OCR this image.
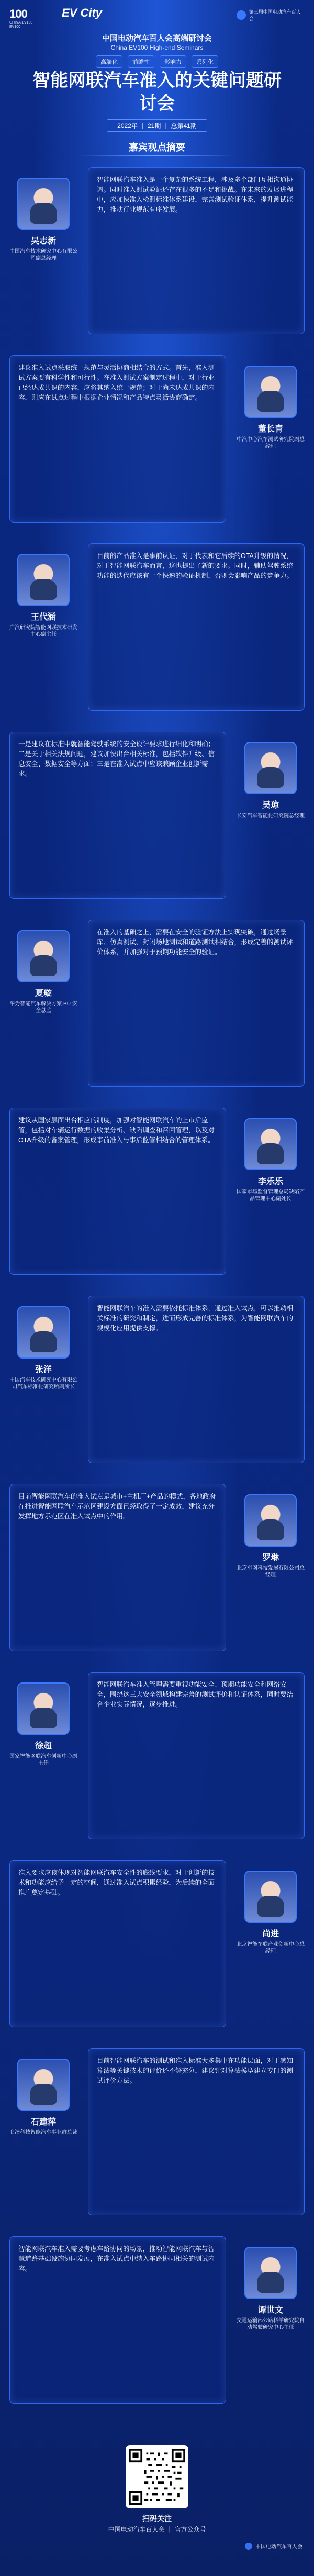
100
CHINA EV100 EV100
EV City	第三届中国电动汽车百人会
中国电动汽车百人会高端研讨会
China EV100 High-end Seminars
高端化	前瞻性	影响力	系列化
智能网联汽车准入的关键问题研讨会
2022年 | 21期 | 总第41期
嘉宾观点摘要
吴志新
中国汽车技术研究中心有限公司副总经理
智能网联汽车准入是一个复杂的系统工程，涉及多个部门互相沟通协调。同时准入测试验证还存在很多的不足和挑战。在未来的发展进程中，应加快准入检测标准体系建设，完善测试验证体系，提升测试能力，推动行业规范有序发展。
建议准入试点采取统一规范与灵活协商相结合的方式。首先，准入测试方案要有科学性和可行性。在准入测试方案制定过程中，对于行业已经达成共识的内容，应将其纳入统一规范；对于尚未达成共识的内容，则应在试点过程中根据企业情况和产品特点灵活协商确定。
董长青
中汽中心汽车测试研究院副总经理
王代涵
广汽研究院智能网联技术研发中心副主任
目前的产品准入是事前认证，对于代表和它后续的OTA升级的情况，对于智能网联汽车而言，这也提出了新的要求。同时，辅助驾驶系统功能的迭代应该有一个快速的验证机制，否则会影响产品的竞争力。
一是建议在标准中就智能驾驶系统的安全设计要求进行细化和明确；二是关于相关法规问题，建议加快出台相关标准，包括软件升级、信息安全、数据安全等方面；三是在准入试点中应该兼顾企业创新需求。
吴琼
长安汽车智能化研究院总经理
夏璇
华为智能汽车解决方案 BU 安全总监
在准入的基础之上，需要在安全的验证方法上实现突破，通过场景库、仿真测试、封闭场地测试和道路测试相结合，形成完善的测试评价体系，并加强对于预期功能安全的验证。
建议从国家层面出台相应的制度，加强对智能网联汽车的上市后监管，包括对车辆运行数据的收集分析、缺陷调查和召回管理，以及对OTA升级的备案管理，形成事前准入与事后监管相结合的管理体系。
李乐乐
国家市场监督管理总局缺陷产品管理中心副处长
张洋
中国汽车技术研究中心有限公司汽车标准化研究所副所长
智能网联汽车的准入需要依托标准体系，通过准入试点，可以推动相关标准的研究和制定，进而形成完善的标准体系，为智能网联汽车的规模化应用提供支撑。
目前智能网联汽车的准入试点是城市+主机厂+产品的模式，各地政府在推进智能网联汽车示范区建设方面已经取得了一定成效，建议充分发挥地方示范区在准入试点中的作用。
罗琳
北京车网科技发展有限公司总经理
徐超
国家智能网联汽车创新中心副主任
智能网联汽车准入管理需要重视功能安全、预期功能安全和网络安全，围绕这三大安全领域构建完善的测试评价和认证体系，同时要结合企业实际情况，逐步推进。
准入要求应该体现对智能网联汽车安全性的底线要求，对于创新的技术和功能应给予一定的空间，通过准入试点积累经验，为后续的全面推广奠定基础。
尚进
北京智能车联产业创新中心总经理
石建萍
商汤科技智能汽车事业群总裁
目前智能网联汽车的测试和准入标准大多集中在功能层面，对于感知算法等关键技术的评价还不够充分，建议针对算法模型建立专门的测试评价方法。
智能网联汽车准入需要考虑车路协同的场景，推动智能网联汽车与智慧道路基础设施协同发展，在准入试点中纳入车路协同相关的测试内容。
谭世文
交通运输部公路科学研究院自动驾驶研究中心主任
扫码关注
中国电动汽车百人会 ｜ 官方公众号
中国电动汽车百人会
